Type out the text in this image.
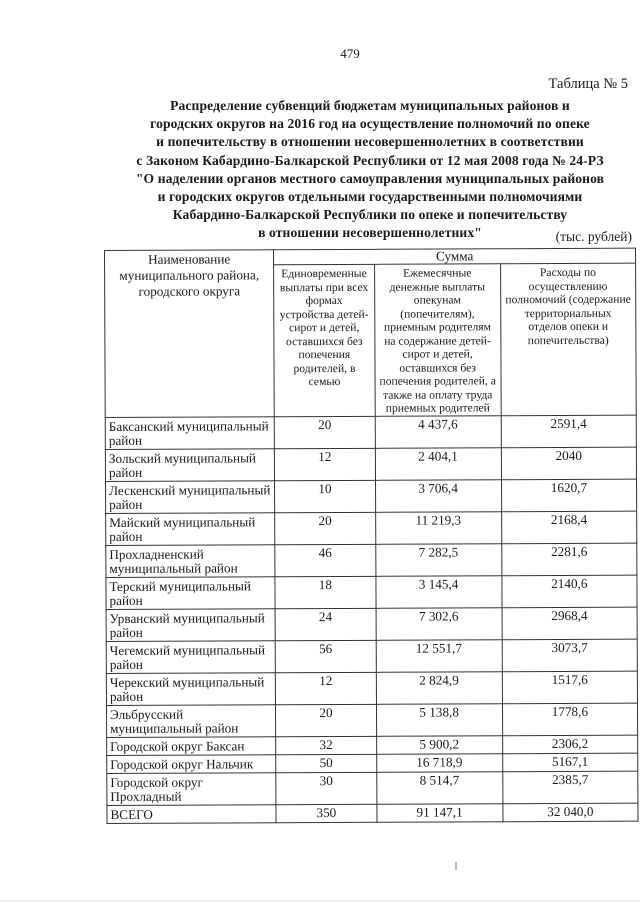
479
Таблица № 5
Распределение субвенций бюджетам муниципальных районов и
городских округов на 2016 год на осуществление полномочий по опеке
и попечительству в отношении несовершеннолетних в соответствии
с Законом Кабардино-Балкарской Республики от 12 мая 2008 года № 24-РЗ
"О наделении органов местного самоуправления муниципальных районов
и городских округов отдельными государственными полномочиями
Кабардино-Балкарской Республики по опеке и попечительству
в отношении несовершеннолетних"	(тыс. рублей)
Наименование муниципального района, городского округа	Сумма		
	Единовременные выплаты при всех формах устройства детей-сирот и детей, оставшихся без попечения родителей, в семью	Ежемесячные денежные выплаты опекунам (попечителям), приемным родителям на содержание детей-сирот и детей, оставшихся без попечения родителей, а также на оплату труда приемных родителей	Расходы по осуществлению полномочий (содержание территориальных отделов опеки и попечительства)
Баксанский муниципальный район	20	4 437,6	2591,4
Зольский муниципальный район	12	2 404,1	2040
Лескенский муниципальный район	10	3 706,4	1620,7
Майский муниципальный район	20	11 219,3	2168,4
Прохладненский муниципальный район	46	7 282,5	2281,6
Терский муниципальный район	18	3 145,4	2140,6
Урванский муниципальный район	24	7 302,6	2968,4
Чегемский муниципальный район	56	12 551,7	3073,7
Черекский муниципальный район	12	2 824,9	1517,6
Эльбрусский муниципальный район	20	5 138,8	1778,6
Городской округ Баксан	32	5 900,2	2306,2
Городской округ Нальчик	50	16 718,9	5167,1
Городской округ Прохладный	30	8 514,7	2385,7
ВСЕГО	350	91 147,1	32 040,0
